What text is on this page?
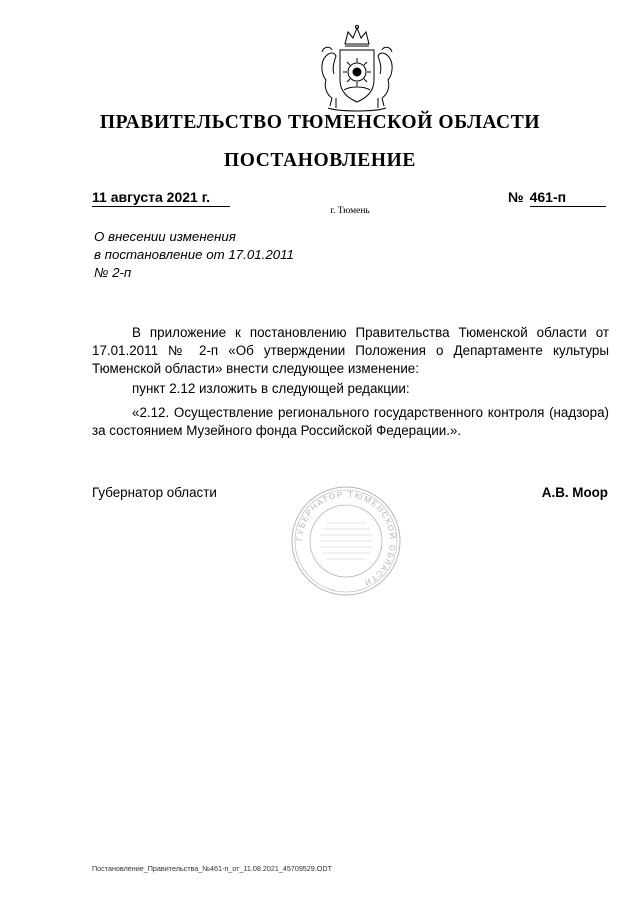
ПРАВИТЕЛЬСТВО ТЮМЕНСКОЙ ОБЛАСТИ
ПОСТАНОВЛЕНИЕ
11 августа 2021 г.	№ 461-п
г. Тюмень
О внесении изменения
в постановление от 17.01.2011
№ 2-п
В приложение к постановлению Правительства Тюменской области от 17.01.2011 № 2-п «Об утверждении Положения о Департаменте культуры Тюменской области» внести следующее изменение:
пункт 2.12 изложить в следующей редакции:
«2.12. Осуществление регионального государственного контроля (надзора) за состоянием Музейного фонда Российской Федерации.».
Губернатор области	А.В. Моор
ГУБЕРНАТОР ТЮМЕНСКОЙ ОБЛАСТИ
Постановление_Правительства_№461-п_от_11.08.2021_45709529.ODT
